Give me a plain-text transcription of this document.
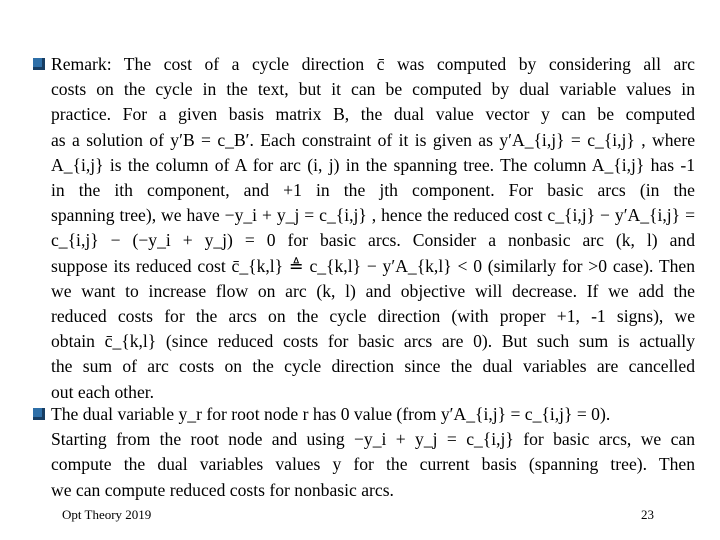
Remark: The cost of a cycle direction c̄ was computed by considering all arc
costs on the cycle in the text, but it can be computed by dual variable values in
practice. For a given basis matrix B, the dual value vector y can be computed
as a solution of y′B = c_B′. Each constraint of it is given as y′A_{i,j} = c_{i,j} , where
A_{i,j} is the column of A for arc (i, j) in the spanning tree. The column A_{i,j} has -1
in the ith component, and +1 in the jth component. For basic arcs (in the
spanning tree), we have −y_i + y_j = c_{i,j} , hence the reduced cost c_{i,j} − y′A_{i,j} =
c_{i,j} − (−y_i + y_j) = 0 for basic arcs. Consider a nonbasic arc (k, l) and
suppose its reduced cost c̄_{k,l} ≜ c_{k,l} − y′A_{k,l} < 0 (similarly for >0 case). Then
we want to increase flow on arc (k, l) and objective will decrease. If we add the
reduced costs for the arcs on the cycle direction (with proper +1, -1 signs), we
obtain c̄_{k,l} (since reduced costs for basic arcs are 0). But such sum is actually
the sum of arc costs on the cycle direction since the dual variables are cancelled
out each other.
The dual variable y_r for root node r has 0 value (from y′A_{i,j} = c_{i,j} = 0).
Starting from the root node and using −y_i + y_j = c_{i,j} for basic arcs, we can
compute the dual variables values y for the current basis (spanning tree). Then
we can compute reduced costs for nonbasic arcs.
Opt Theory 2019	23
